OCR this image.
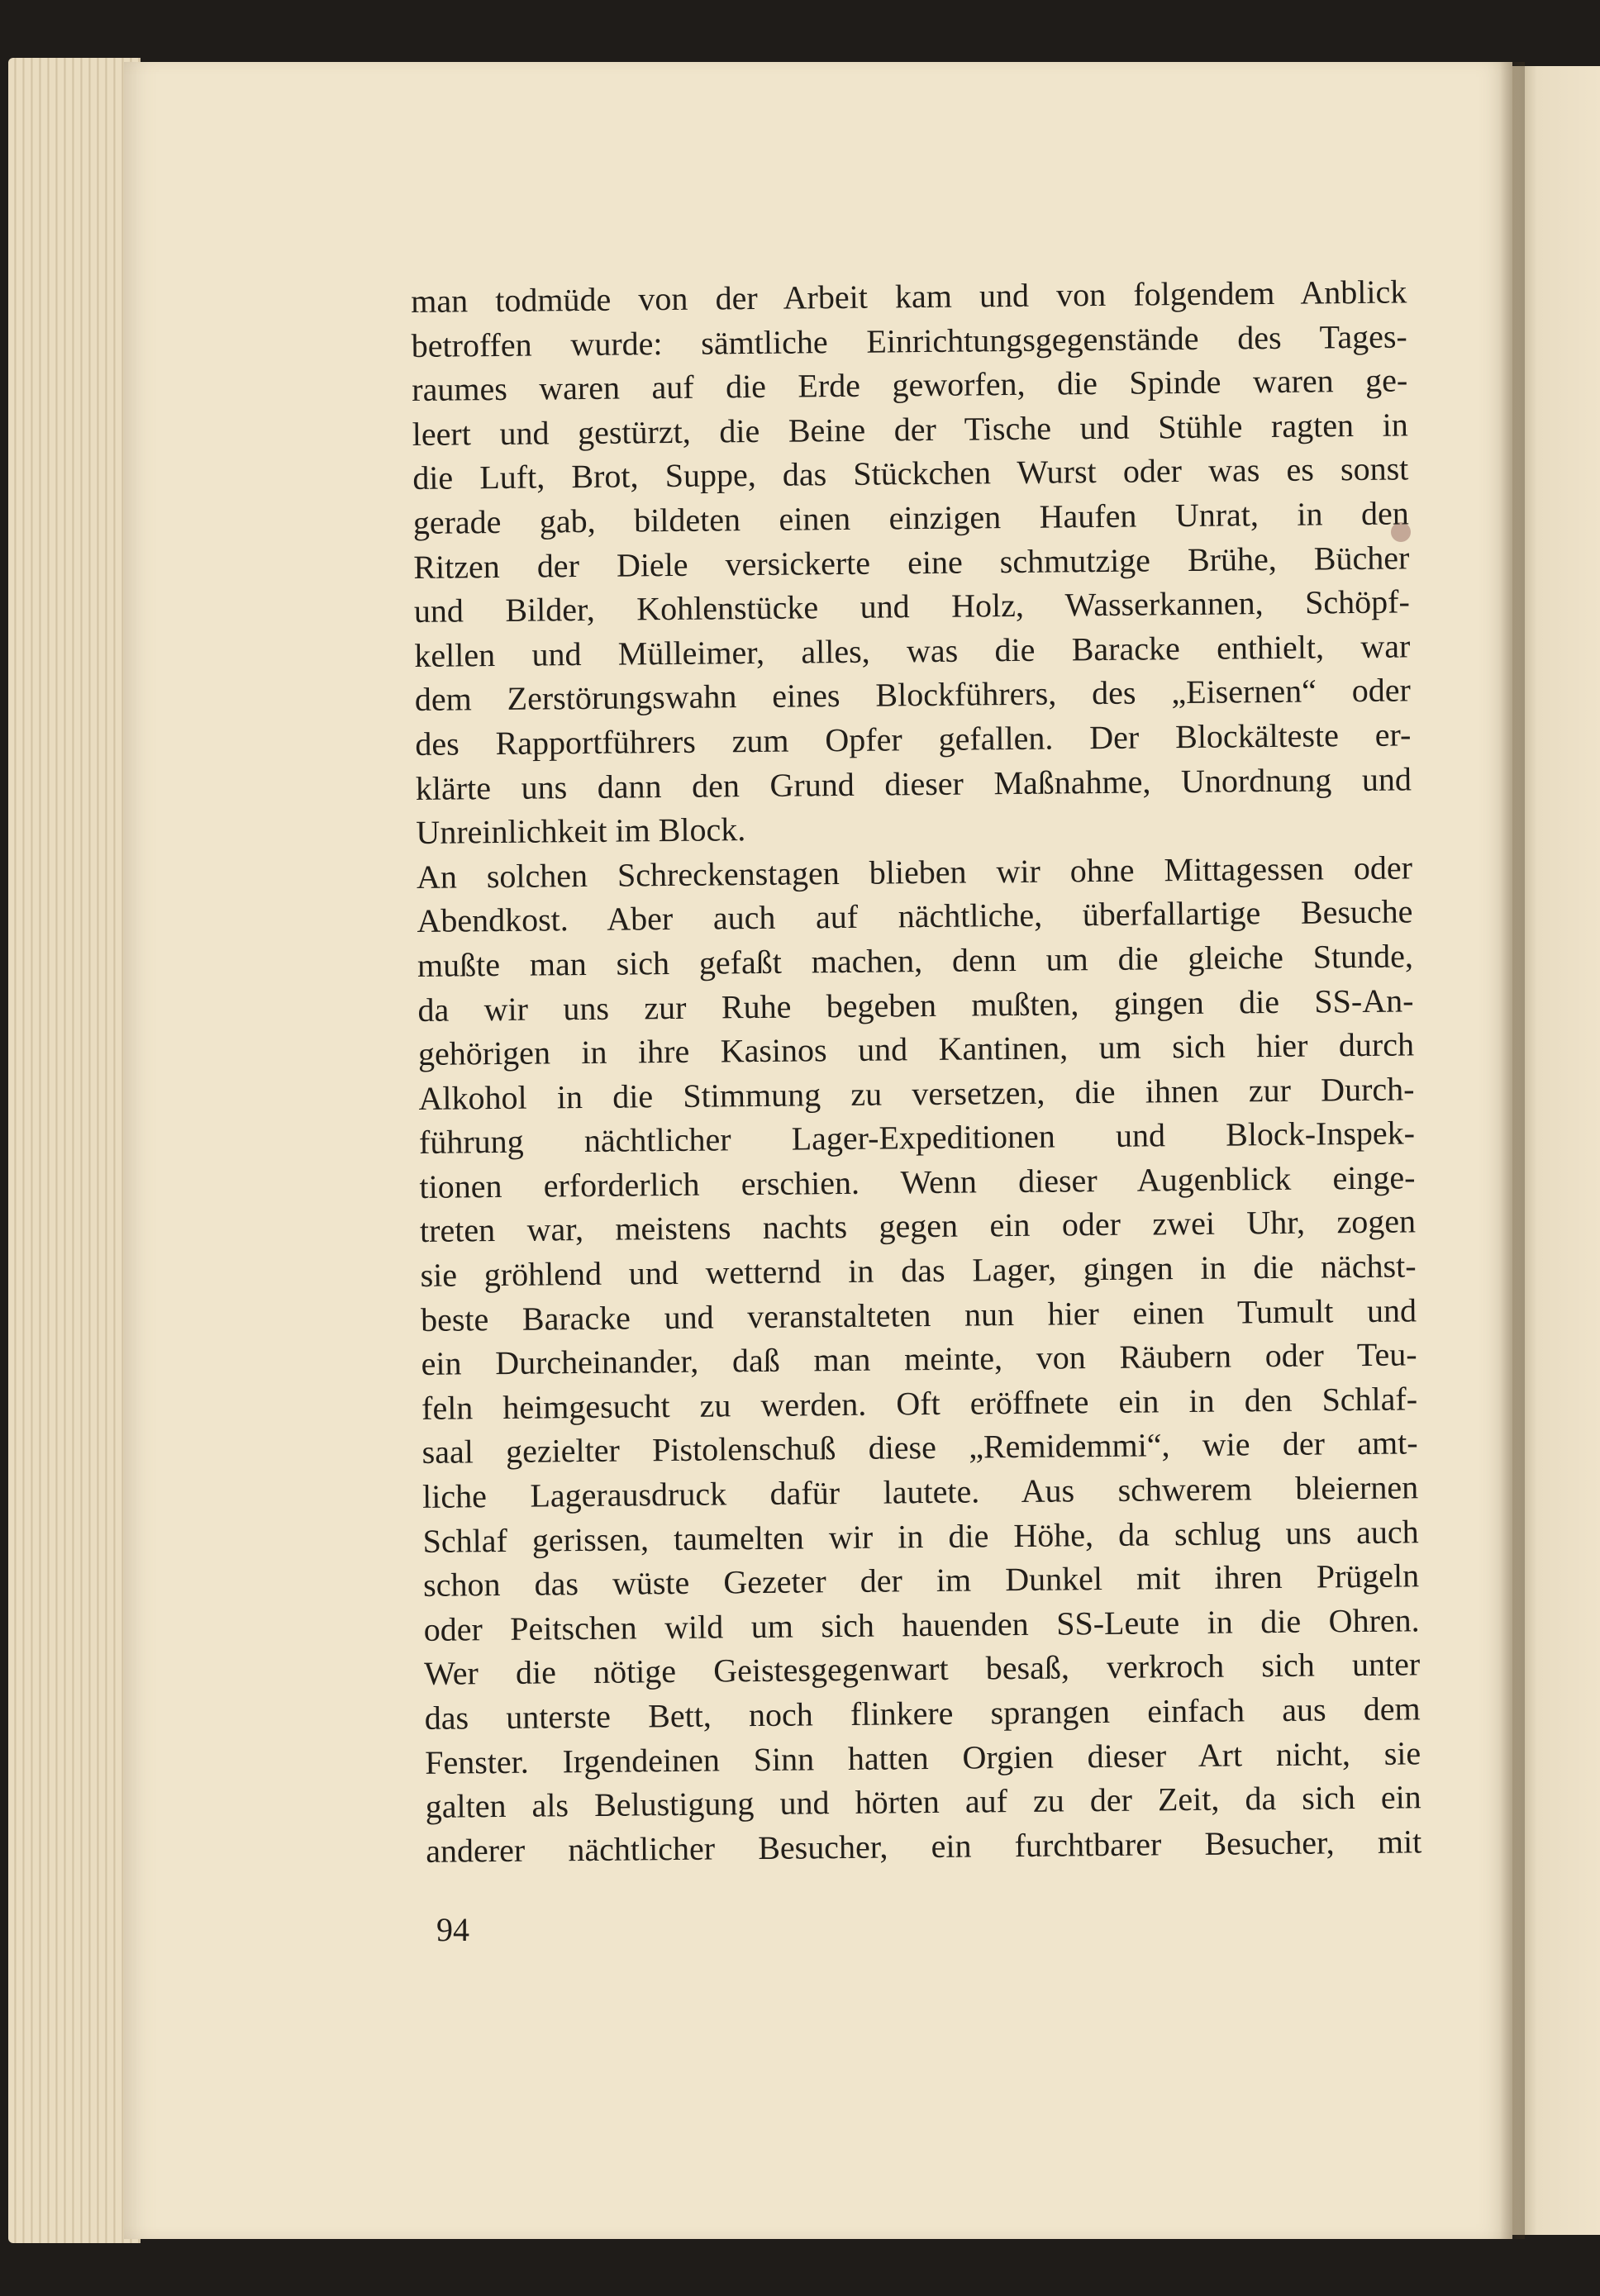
man todmüde von der Arbeit kam und von folgendem Anblick
betroffen wurde: sämtliche Einrichtungsgegenstände des Tages-
raumes waren auf die Erde geworfen, die Spinde waren ge-
leert und gestürzt, die Beine der Tische und Stühle ragten in
die Luft, Brot, Suppe, das Stückchen Wurst oder was es sonst
gerade gab, bildeten einen einzigen Haufen Unrat, in den
Ritzen der Diele versickerte eine schmutzige Brühe, Bücher
und Bilder, Kohlenstücke und Holz, Wasserkannen, Schöpf-
kellen und Mülleimer, alles, was die Baracke enthielt, war
dem Zerstörungswahn eines Blockführers, des „Eisernen“ oder
des Rapportführers zum Opfer gefallen. Der Blockälteste er-
klärte uns dann den Grund dieser Maßnahme, Unordnung und
Unreinlichkeit im Block.
An solchen Schreckenstagen blieben wir ohne Mittagessen oder
Abendkost. Aber auch auf nächtliche, überfallartige Besuche
mußte man sich gefaßt machen, denn um die gleiche Stunde,
da wir uns zur Ruhe begeben mußten, gingen die SS-An-
gehörigen in ihre Kasinos und Kantinen, um sich hier durch
Alkohol in die Stimmung zu versetzen, die ihnen zur Durch-
führung nächtlicher Lager-Expeditionen und Block-Inspek-
tionen erforderlich erschien. Wenn dieser Augenblick einge-
treten war, meistens nachts gegen ein oder zwei Uhr, zogen
sie gröhlend und wetternd in das Lager, gingen in die nächst-
beste Baracke und veranstalteten nun hier einen Tumult und
ein Durcheinander, daß man meinte, von Räubern oder Teu-
feln heimgesucht zu werden. Oft eröffnete ein in den Schlaf-
saal gezielter Pistolenschuß diese „Remidemmi“, wie der amt-
liche Lagerausdruck dafür lautete. Aus schwerem bleiernen
Schlaf gerissen, taumelten wir in die Höhe, da schlug uns auch
schon das wüste Gezeter der im Dunkel mit ihren Prügeln
oder Peitschen wild um sich hauenden SS-Leute in die Ohren.
Wer die nötige Geistesgegenwart besaß, verkroch sich unter
das unterste Bett, noch flinkere sprangen einfach aus dem
Fenster. Irgendeinen Sinn hatten Orgien dieser Art nicht, sie
galten als Belustigung und hörten auf zu der Zeit, da sich ein
anderer nächtlicher Besucher, ein furchtbarer Besucher, mit
94
